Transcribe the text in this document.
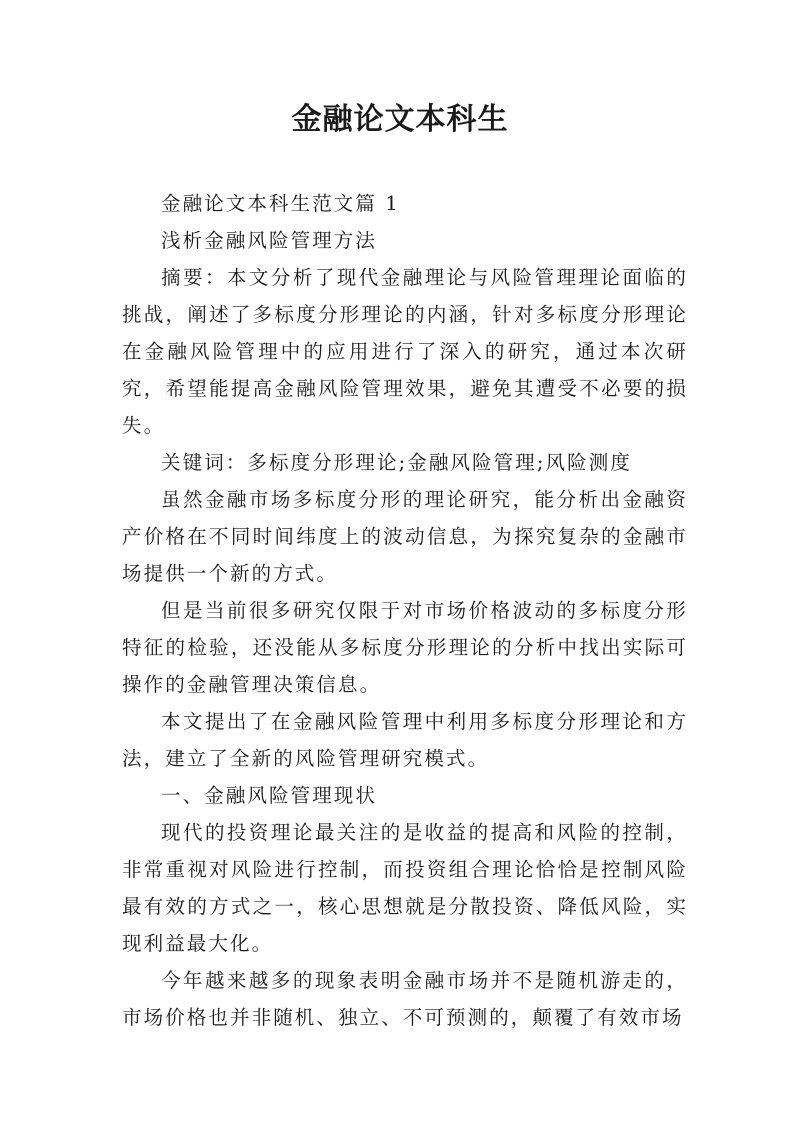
金融论文本科生

金融论文本科生范文篇 1

浅析金融风险管理方法

摘要：本文分析了现代金融理论与风险管理理论面临的挑战，阐述了多标度分形理论的内涵，针对多标度分形理论在金融风险管理中的应用进行了深入的研究，通过本次研究，希望能提高金融风险管理效果，避免其遭受不必要的损失。

关键词：多标度分形理论;金融风险管理;风险测度

虽然金融市场多标度分形的理论研究，能分析出金融资产价格在不同时间纬度上的波动信息，为探究复杂的金融市场提供一个新的方式。

但是当前很多研究仅限于对市场价格波动的多标度分形特征的检验，还没能从多标度分形理论的分析中找出实际可操作的金融管理决策信息。

本文提出了在金融风险管理中利用多标度分形理论和方法，建立了全新的风险管理研究模式。

一、金融风险管理现状

现代的投资理论最关注的是收益的提高和风险的控制，非常重视对风险进行控制，而投资组合理论恰恰是控制风险最有效的方式之一，核心思想就是分散投资、降低风险，实现利益最大化。

今年越来越多的现象表明金融市场并不是随机游走的，市场价格也并非随机、独立、不可预测的，颠覆了有效市场
